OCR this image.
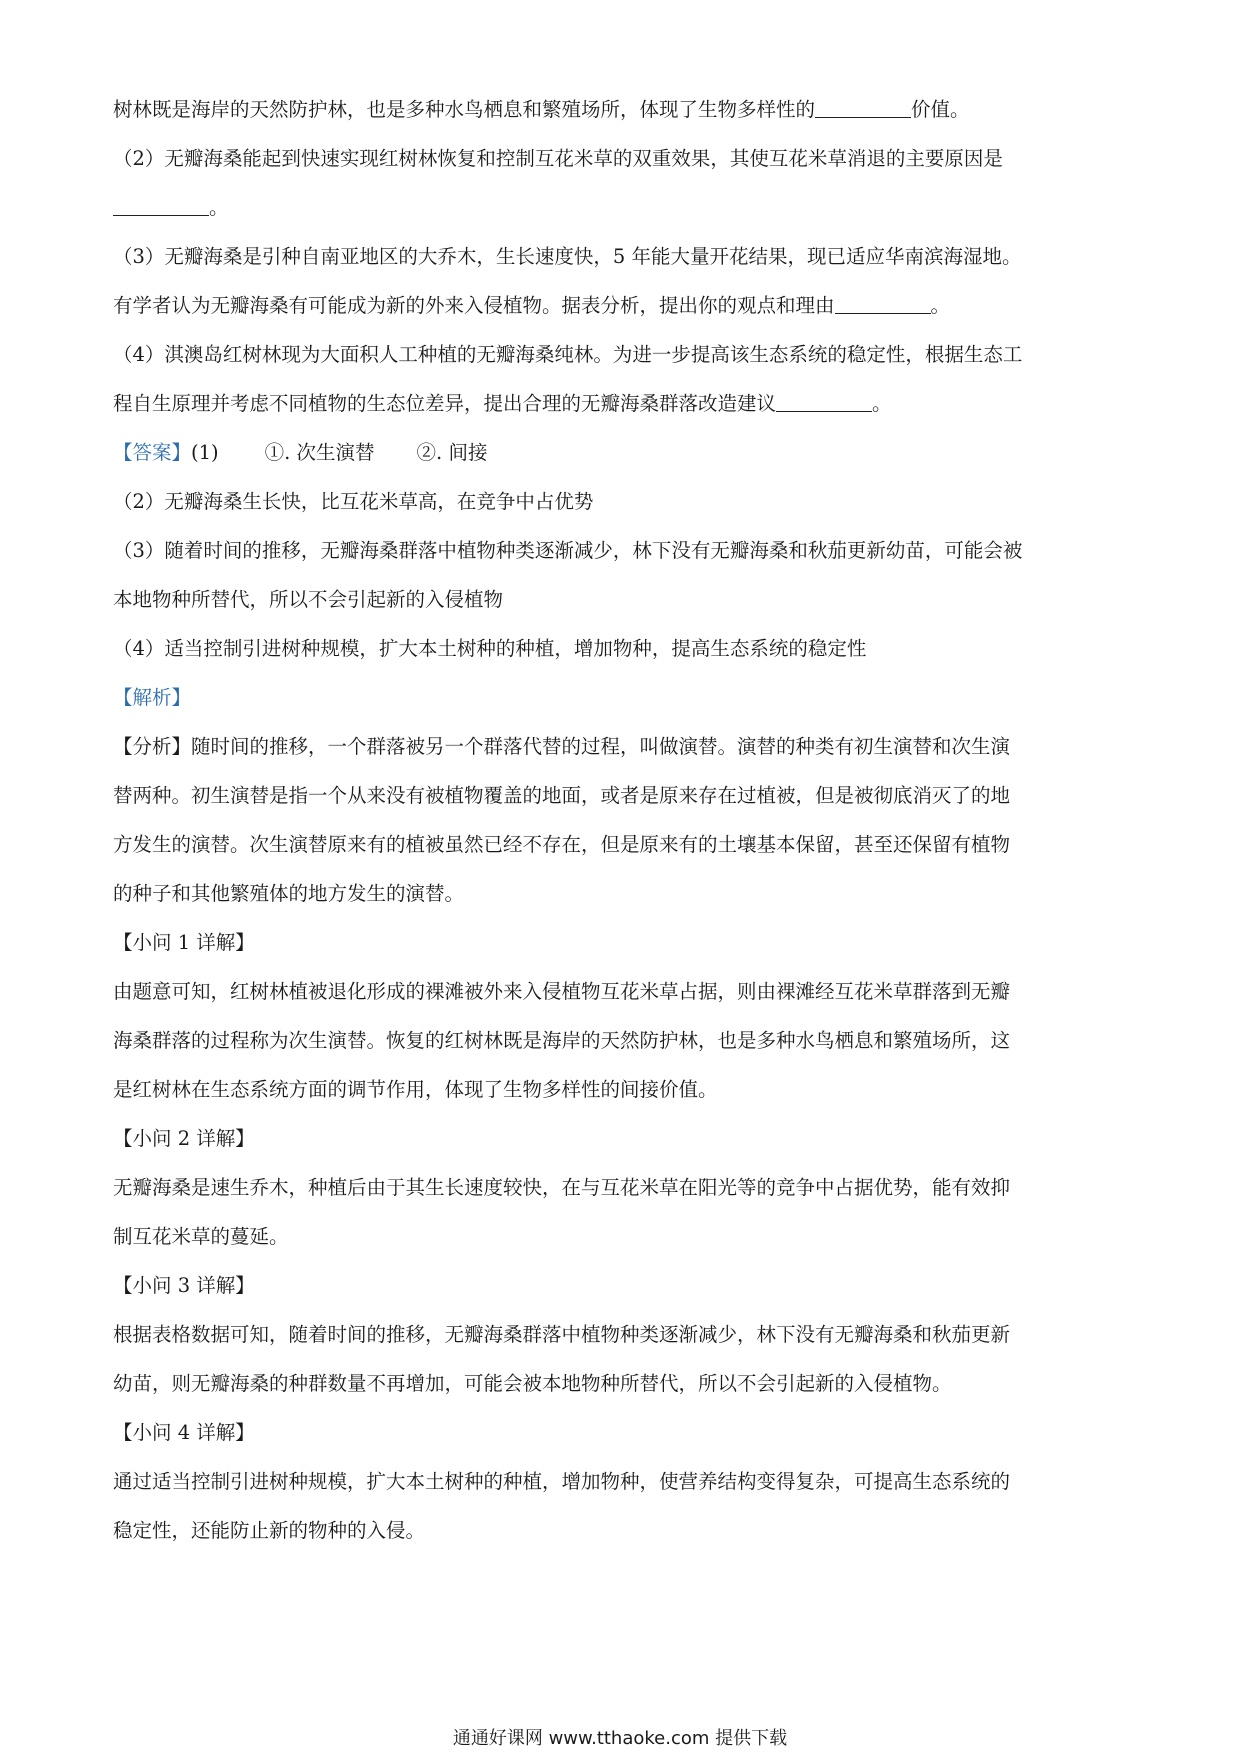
树林既是海岸的天然防护林，也是多种水鸟栖息和繁殖场所，体现了生物多样性的	价值。

（2）无瓣海桑能起到快速实现红树林恢复和控制互花米草的双重效果，其使互花米草消退的主要原因是

。

（3）无瓣海桑是引种自南亚地区的大乔木，生长速度快，5 年能大量开花结果，现已适应华南滨海湿地。

有学者认为无瓣海桑有可能成为新的外来入侵植物。据表分析，提出你的观点和理由	。

（4）淇澳岛红树林现为大面积人工种植的无瓣海桑纯林。为进一步提高该生态系统的稳定性，根据生态工

程自生原理并考虑不同植物的生态位差异，提出合理的无瓣海桑群落改造建议	。

【答案】(1) ①. 次生演替 ②. 间接

（2）无瓣海桑生长快，比互花米草高，在竞争中占优势

（3）随着时间的推移，无瓣海桑群落中植物种类逐渐减少，林下没有无瓣海桑和秋茄更新幼苗，可能会被

本地物种所替代，所以不会引起新的入侵植物

（4）适当控制引进树种规模，扩大本土树种的种植，增加物种，提高生态系统的稳定性

【解析】

【分析】随时间的推移，一个群落被另一个群落代替的过程，叫做演替。演替的种类有初生演替和次生演

替两种。初生演替是指一个从来没有被植物覆盖的地面，或者是原来存在过植被，但是被彻底消灭了的地

方发生的演替。次生演替原来有的植被虽然已经不存在，但是原来有的土壤基本保留，甚至还保留有植物

的种子和其他繁殖体的地方发生的演替。

【小问 1 详解】

由题意可知，红树林植被退化形成的裸滩被外来入侵植物互花米草占据，则由裸滩经互花米草群落到无瓣

海桑群落的过程称为次生演替。恢复的红树林既是海岸的天然防护林，也是多种水鸟栖息和繁殖场所，这

是红树林在生态系统方面的调节作用，体现了生物多样性的间接价值。

【小问 2 详解】

无瓣海桑是速生乔木，种植后由于其生长速度较快，在与互花米草在阳光等的竞争中占据优势，能有效抑

制互花米草的蔓延。

【小问 3 详解】

根据表格数据可知，随着时间的推移，无瓣海桑群落中植物种类逐渐减少，林下没有无瓣海桑和秋茄更新

幼苗，则无瓣海桑的种群数量不再增加，可能会被本地物种所替代，所以不会引起新的入侵植物。

【小问 4 详解】

通过适当控制引进树种规模，扩大本土树种的种植，增加物种，使营养结构变得复杂，可提高生态系统的

稳定性，还能防止新的物种的入侵。

通通好课网 www.tthaoke.com 提供下载
